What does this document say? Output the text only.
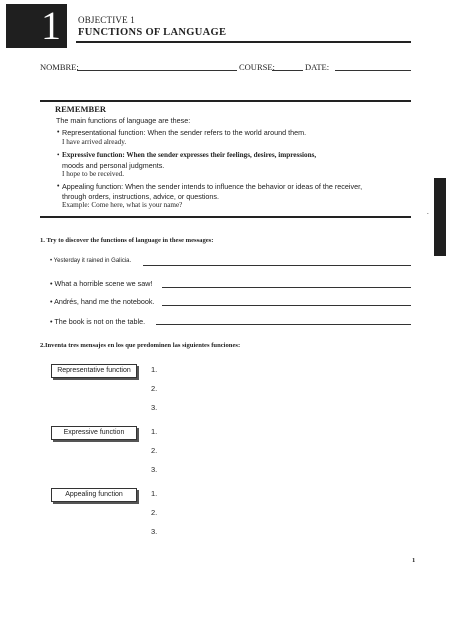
1 OBJECTIVE 1
FUNCTIONS OF LANGUAGE
NOMBRE:	COURSE:	DATE:
REMEMBER
The main functions of language are these:
• Representational function: When the sender refers to the world around them.
I have arrived already.
• Expressive function: When the sender expresses their feelings, desires, impressions,
moods and personal judgments.
I hope to be received.
• Appealing function: When the sender intends to influence the behavior or ideas of the receiver,
through orders, instructions, advice, or questions.
Example: Come here, what is your name?
1. Try to discover the functions of language in these messages:
• Yesterday it rained in Galicia.
• What a horrible scene we saw!
• Andrés, hand me the notebook.
• The book is not on the table.
2.Inventa tres mensajes en los que predominen las siguientes funciones:
Representative function	1.
2.
3.
Expressive function	1.
2.
3.
Appealing function	1.
2.
3.
.
1
